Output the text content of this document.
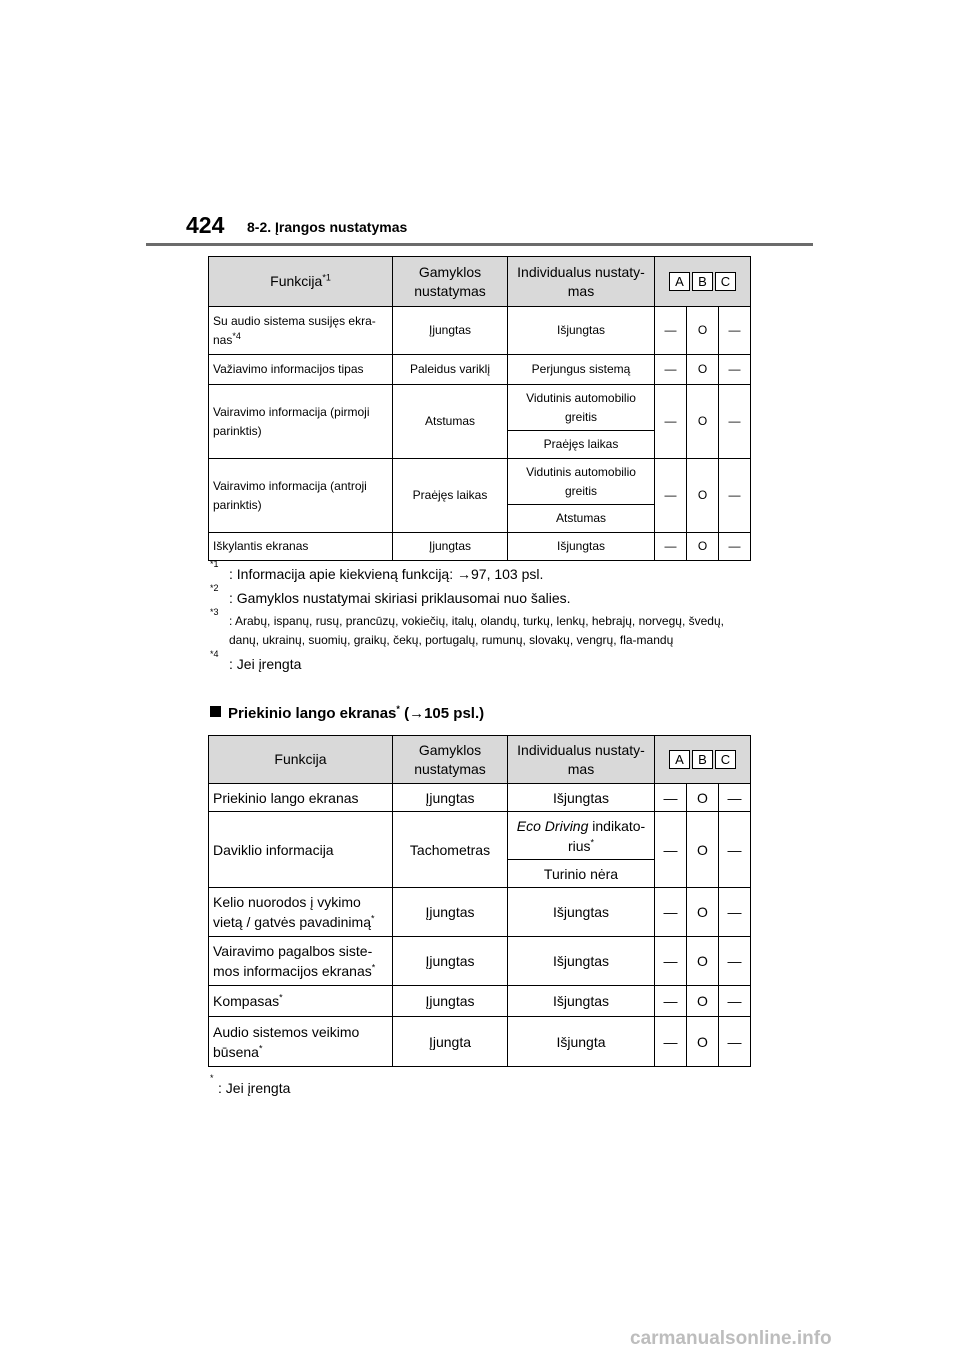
424 8-2. Įrangos nustatymas
Funkcija$^{*1}$	Gamyklos nustatymas	Individualus nustaty-mas	A B C		
Su audio sistema susijęs ekra-nas$^{*4}$	Įjungtas	Išjungtas	—	O	—
Važiavimo informacijos tipas	Paleidus variklį	Perjungus sistemą	—	O	—
Vairavimo informacija (pirmoji parinktis)	Atstumas	Vidutinis automobilio greitis	—	O	—
		Praėjęs laikas			
Vairavimo informacija (antroji parinktis)	Praėjęs laikas	Vidutinis automobilio greitis	—	O	—
		Atstumas			
Iškylantis ekranas	Įjungtas	Išjungtas	—	O	—
*1
: Informacija apie kiekvieną funkciją: →97, 103 psl.
*2
: Gamyklos nustatymai skiriasi priklausomai nuo šalies.
*3
: Arabų, ispanų, rusų, prancūzų, vokiečių, italų, olandų, turkų, lenkų, hebrajų, norvegų, švedų, danų, ukrainų, suomių, graikų, čekų, portugalų, rumunų, slovakų, vengrų, fla-mandų
*4
: Jei įrengta
Priekinio lango ekranas* (→105 psl.)
Funkcija	Gamyklos nustatymas	Individualus nustaty-mas	A B C		
Priekinio lango ekranas	Įjungtas	Išjungtas	—	O	—
Daviklio informacija	Tachometras	Eco Driving indikato-rius*	—	O	—
		Turinio nėra			
Kelio nuorodos į vykimo vietą / gatvės pavadinimą*	Įjungtas	Išjungtas	—	O	—
Vairavimo pagalbos siste-mos informacijos ekranas*	Įjungtas	Išjungtas	—	O	—
Kompasas*	Įjungtas	Išjungtas	—	O	—
Audio sistemos veikimo būsena*	Įjungta	Išjungta	—	O	—
*
: Jei įrengta
carmanualsonline.info
